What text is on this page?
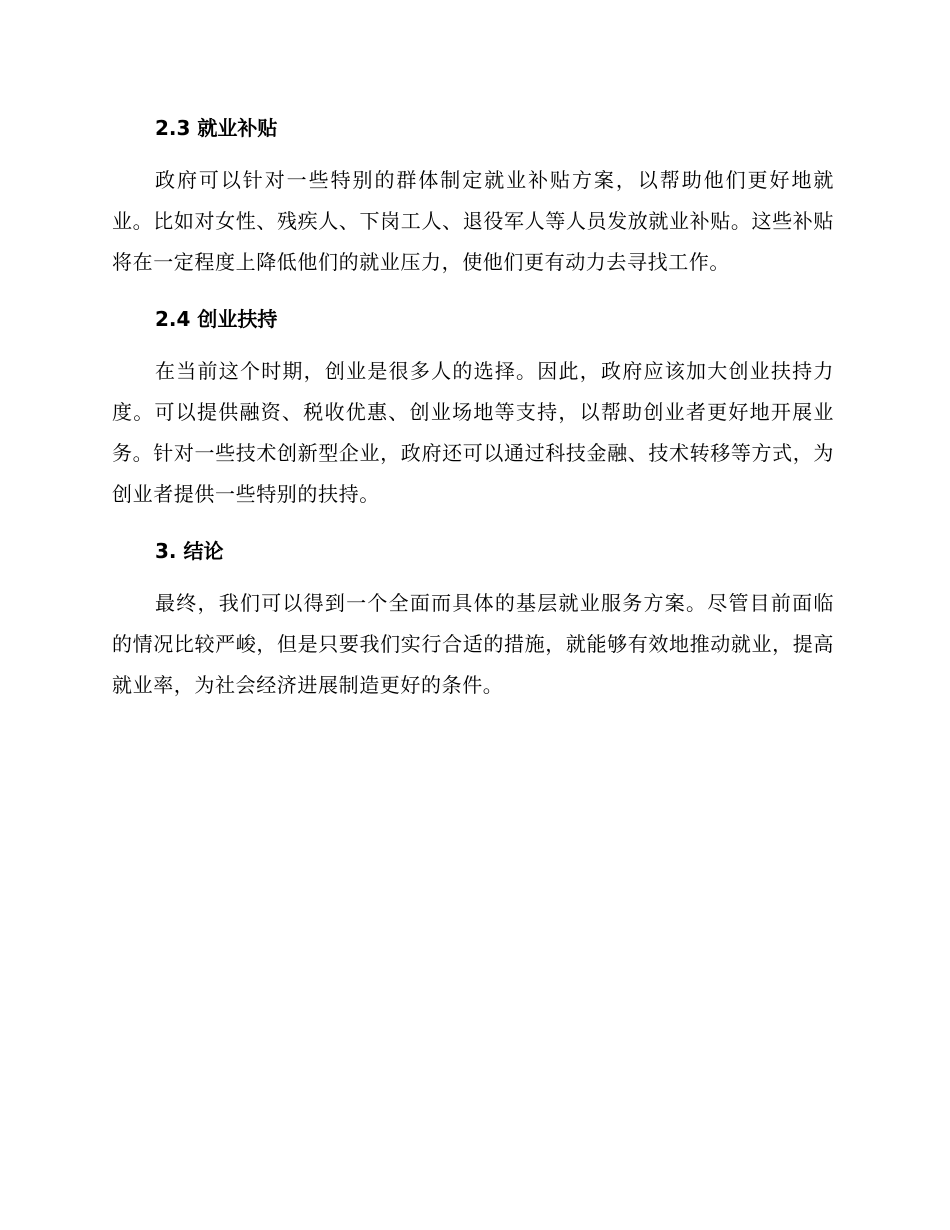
2.3 就业补贴

政府可以针对一些特别的群体制定就业补贴方案，以帮助他们更好地就业。比如对女性、残疾人、下岗工人、退役军人等人员发放就业补贴。这些补贴将在一定程度上降低他们的就业压力，使他们更有动力去寻找工作。

2.4 创业扶持

在当前这个时期，创业是很多人的选择。因此，政府应该加大创业扶持力度。可以提供融资、税收优惠、创业场地等支持，以帮助创业者更好地开展业务。针对一些技术创新型企业，政府还可以通过科技金融、技术转移等方式，为创业者提供一些特别的扶持。

3. 结论

最终，我们可以得到一个全面而具体的基层就业服务方案。尽管目前面临的情况比较严峻，但是只要我们实行合适的措施，就能够有效地推动就业，提高就业率，为社会经济进展制造更好的条件。
